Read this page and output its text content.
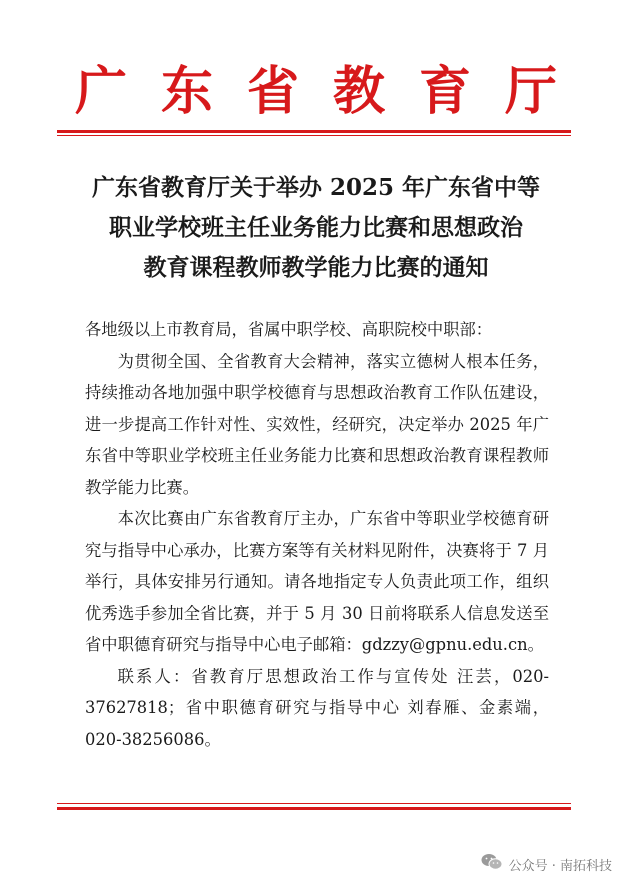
广东省教育厅
广东省教育厅关于举办 2025 年广东省中等
职业学校班主任业务能力比赛和思想政治
教育课程教师教学能力比赛的通知

各地级以上市教育局，省属中职学校、高职院校中职部：

为贯彻全国、全省教育大会精神，落实立德树人根本任务，持续推动各地加强中职学校德育与思想政治教育工作队伍建设，进一步提高工作针对性、实效性，经研究，决定举办 2025 年广东省中等职业学校班主任业务能力比赛和思想政治教育课程教师教学能力比赛。

本次比赛由广东省教育厅主办，广东省中等职业学校德育研究与指导中心承办，比赛方案等有关材料见附件，决赛将于 7 月举行，具体安排另行通知。请各地指定专人负责此项工作，组织优秀选手参加全省比赛，并于 5 月 30 日前将联系人信息发送至省中职德育研究与指导中心电子邮箱：gdzzy@gpnu.edu.cn。

联系人：省教育厅思想政治工作与宣传处 汪芸，020-37627818；省中职德育研究与指导中心 刘春雁、金素端，020-38256086。

公众号 · 南拓科技
